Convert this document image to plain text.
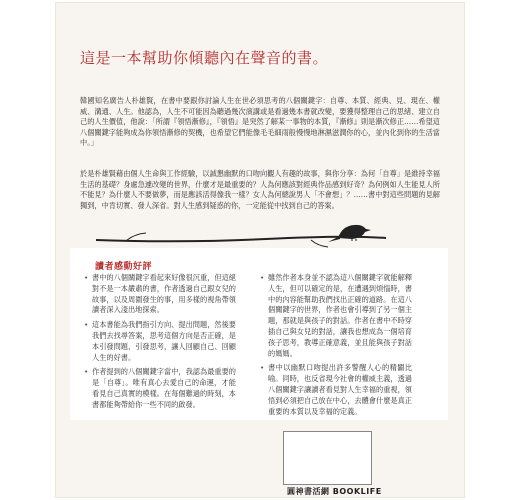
這是一本幫助你傾聽內在聲音的書。
韓國知名廣告人朴雄賢，在書中要跟你討論人生在世必須思考的八個關鍵字：自尊、本質、經典、見、現在、權威、溝通、人生。他認為，人生不可能因為聽過幾次演講或是看過幾本書就改變，要獲得整理自己的思緒、建立自己的人生價值，他說：「所謂『領悟漸修』，『領悟』是突然了解某一事物的本質，『漸修』則是漸次修正……希望這八個關鍵字能夠成為你領悟漸修的契機，也希望它們能像毛毛細雨般慢慢地淋濕滋潤你的心，並內化到你的生活當中。」
於是朴雄賢藉由個人生命與工作經驗，以誠懇幽默的口吻向觀人有趣的故事，與你分享：為何「自尊」是維持幸福生活的基礎？身處急遽改變的世界，什麼才是最重要的？人為何應該對經典作品感到好奇？為何例如人生能見人所不能見？為什麼人不要做夢，而是應該活得像我一樣？女人為何總說男人「不會想」？……書中對這些問題的見解獨到，中肯切實、發人深省。對人生感到疑惑的你，一定能從中找到自己的答案。
讀者感動好評
• 書中的八個關鍵字看起來好像很沉重，但這絕對不是一本嚴肅的書，作者透過自己跟女兒的故事，以及周圍發生的事，用多樣的視角帶領讀者深入淺出地探索。
• 這本書能為我們指引方向、提出問題，然後要我們去找尋答案，思考這個方向是否正確，是本引發問題、引發思考，讓人回顧自己、回顧人生的好書。
• 作者提到的八個關鍵字當中，我認為最重要的是「自尊」。唯有真心去愛自己的命運，才能看見自己真實的模樣。在每個難過的時刻，本書都能夠帶給你一些不同的啟發。
• 雖然作者本身並不認為這八個關鍵字就能解釋人生，但可以確定的是，在遭遇到煩惱時，書中的內容能幫助我們找出正確的道路。在這八個關鍵字的世界，作者也會引導到了另一個主題，那就是與孩子的對話。作者在書中不時穿插自己與女兒的對話，讓我也想成為一個培育孩子思考，教導正確意義，並且能與孩子對話的媽媽。
• 書中以幽默口吻提出許多警醒人心的精闢比喻。同時，也反省現今社會的權威主義，透過八個關鍵字讓讀者看見對人生幸福的重視，領悟到必須把自己放在中心，去體會什麼是真正重要的本質以及幸福的定義。
圓神書活網 BOOKLIFE
